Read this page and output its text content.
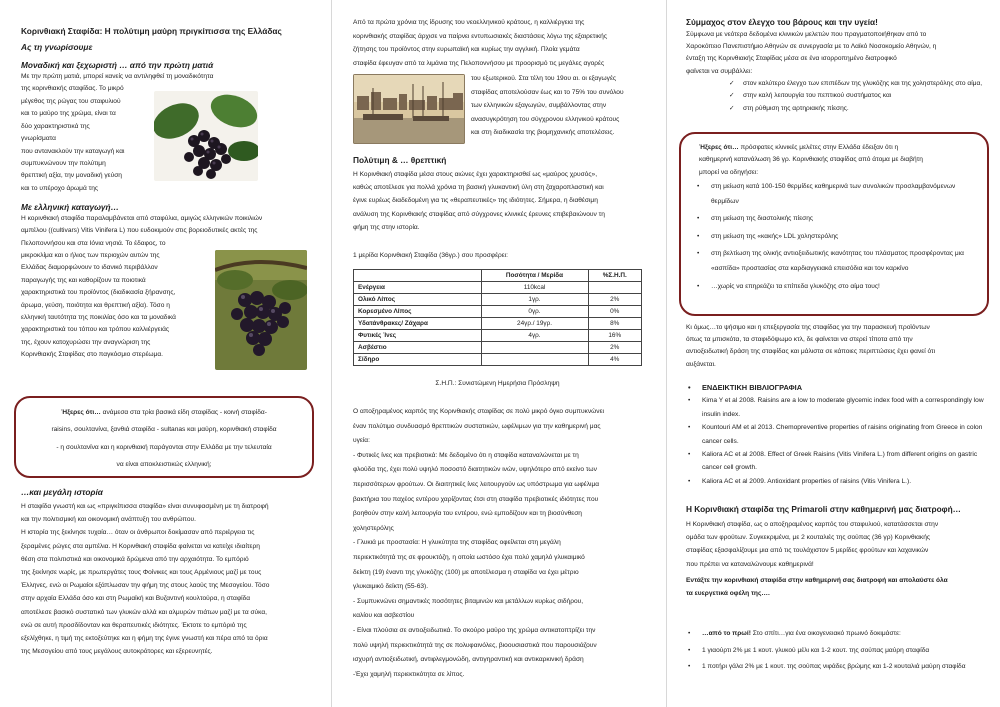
Κορινθιακή Σταφίδα: Η πολύτιμη μαύρη πριγκίπισσα της Ελλάδας
Ας τη γνωρίσουμε
Μοναδική και ξεχωριστή … από την πρώτη ματιά
Με την πρώτη ματιά, μπορεί κανείς να αντιληφθεί τη μοναδικότητα
της κορινθιακής σταφίδας. Το μικρό
μέγεθος της ρώγας του σταφυλιού
και το μαύρο της χρώμα, είναι τα
δύο χαρακτηριστικά της
γνωρίσματα
που αντανακλούν την καταγωγή και
συμπυκνώνουν την πολύτιμη
θρεπτική αξία, την μοναδική γεύση
και το υπέροχο άρωμά της
Με ελληνική καταγωγή…
Η κορινθιακή σταφίδα παραλαμβάνεται από σταφύλια, αμιγώς ελληνικών ποικιλιών
αμπέλου ((cultivars) Vitis Vinifera L) που ευδοκιμούν στις βορειοδυτικές ακτές της
Πελοποννήσου και στα Ιόνια νησιά. Το έδαφος, το
μικροκλίμα και ο ήλιος των περιοχών αυτών της
Ελλάδας διαμορφώνουν το ιδανικό περιβάλλον
παραγωγής της και καθορίζουν τα ποιοτικά
χαρακτηριστικά του προϊόντος (διαδικασία ξήρανσης,
άρωμα, γεύση, ποιότητα και θρεπτική αξία). Τόσο η
ελληνική ταυτότητα της ποικιλίας όσο και τα μοναδικά
χαρακτηριστικά του τόπου και τρόπου καλλιέργειάς
της, έχουν κατοχυρώσει την αναγνώριση της
Κορινθιακής Σταφίδας στο παγκόσμιο στερέωμα.
Ήξερες ότι… ανάμεσα στα τρία βασικά είδη σταφίδας - κοινή σταφίδα-
raisins, σουλτανίνα, ξανθιά σταφίδα - sultanas και μαύρη, κορινθιακή σταφίδα
- η σουλτανίνα και η κορινθιακή παράγονται στην Ελλάδα με την τελευταία
να είναι αποκλειστικώς ελληνική;
…και μεγάλη ιστορία
Η σταφίδα γνωστή και ως «πριγκίπισσα σταφίδα» είναι συνυφασμένη με τη διατροφή
και την πολιτισμική και οικονομική ανάπτυξη του ανθρώπου.
Η ιστορία της ξεκίνησε τυχαία… όταν οι άνθρωποι δοκίμασαν από περιέργεια τις
ξεραμένες ρώγες στα αμπέλια. Η Κορινθιακή σταφίδα φαίνεται να κατείχε ιδιαίτερη
θέση στα πολιτιστικά και οικονομικά δρώμενα από την αρχαιότητα. Το εμπόριό
της ξεκίνησε νωρίς, με πρωτεργάτες τους Φοίνικες και τους Αρμένιους μαζί με τους
Έλληνες, ενώ οι Ρωμαίοι εξάπλωσαν την φήμη της στους λαούς της Μεσογείου. Τόσο
στην αρχαία Ελλάδα όσο και στη Ρωμαϊκή και Βυζαντινή κουλτούρα, η σταφίδα
αποτέλεσε βασικό συστατικό των γλυκών αλλά και αλμυρών πιάτων μαζί με τα σύκα,
ενώ σε αυτή προσδίδονταν και θεραπευτικές ιδιότητες. Έκτοτε το εμπόριό της
εξελίχθηκε, η τιμή της εκτοξεύτηκε και η φήμη της έγινε γνωστή και πέρα από τα όρια
της Μεσογείου από τους μεγάλους αυτοκράτορες και εξερευνητές.
Από τα πρώτα χρόνια της ίδρυσης του νεοελληνικού κράτους, η καλλιέργεια της
κορινθιακής σταφίδας άρχισε να παίρνει εντυπωσιακές διαστάσεις λόγω της εξαιρετικής
ζήτησης του προϊόντος στην ευρωπαϊκή και κυρίως την αγγλική. Πλοία γεμάτα
σταφίδα έφευγαν από τα λιμάνια της Πελοποννήσου με προορισμό τις μεγάλες αγορές
του εξωτερικού. Στα τέλη του 19ου αι. οι εξαγωγές
σταφίδας αποτελούσαν έως και το 75% του συνόλου
των ελληνικών εξαγωγών, συμβάλλοντας στην
ανασυγκρότηση του σύγχρονου ελληνικού κράτους
και στη διαδικασία της βιομηχανικής αποτελέσεις.
Πολύτιμη & … θρεπτική
Η Κορινθιακή σταφίδα μέσα στους αιώνες έχει χαρακτηρισθεί ως «μαύρος χρυσός»,
καθώς αποτέλεσε για πολλά χρόνια τη βασική γλυκαντική ύλη στη ζαχαροπλαστική και
έγινε ευρέως διαδεδομένη για τις «θεραπευτικές» της ιδιότητες. Σήμερα, η διαθέσιμη
ανάλυση της Κορινθιακής σταφίδας από σύγχρονες κλινικές έρευνες επιβεβαιώνουν τη
φήμη της στην ιστορία.
1 μερίδα Κορινθιακή Σταφίδα (36γρ.) σου προσφέρει:
	Ποσότητα / Μερίδα	%Σ.Η.Π.
Ενέργεια	110kcal	
Ολικό Λίπος	1γρ.	2%
Κορεσμένο Λίπος	0γρ.	0%
Υδατάνθρακες/ Ζάχαρα	24γρ./ 19γρ.	8%
Φυτικές Ίνες	4γρ.	16%
Ασβέστιο		2%
Σίδηρο		4%
Σ.Η.Π.: Συνιστώμενη Ημερήσια Πρόσληψη
Ο αποξηραμένος καρπός της Κορινθιακής σταφίδας σε πολύ μικρό όγκο συμπυκνώνει
έναν πολύτιμο συνδυασμό θρεπτικών συστατικών, ωφέλιμων για την καθημερινή μας
υγεία:
- Φυτικές ίνες και πρεβιοτικά: Με δεδομένο ότι η σταφίδα καταναλώνεται με τη
φλούδα της, έχει πολύ υψηλό ποσοστό διαιτητικών ινών, υψηλότερο από εκείνο των
περισσότερων φρούτων. Οι διαιτητικές ίνες λειτουργούν ως υπόστρωμα για ωφέλιμα
βακτήρια του παχέος εντέρου χαρίζοντας έτσι στη σταφίδα πρεβιοτικές ιδιότητες που
βοηθούν στην καλή λειτουργία του εντέρου, ενώ εμποδίζουν και τη βιοσύνθεση
χοληστερόλης
- Γλυκιά με προστασία: Η γλυκύτητα της σταφίδας οφείλεται στη μεγάλη
περιεκτικότητά της σε φρουκτόζη, η οποία ωστόσο έχει πολύ χαμηλό γλυκαιμικό
δείκτη (19) έναντι της γλυκόζης (100) με αποτέλεσμα η σταφίδα να έχει μέτριο
γλυκαιμικό δείκτη (55-63).
- Συμπυκνώνει σημαντικές ποσότητες βιταμινών και μετάλλων κυρίως σιδήρου,
καλίου και ασβεστίου
- Είναι πλούσια σε αντιοξειδωτικά. Το σκούρο μαύρο της χρώμα αντικατοπτρίζει την
πολύ υψηλή περιεκτικότητά της σε πολυφαινόλες, βιοουσιαστικά που παρουσιάζουν
ισχυρή αντιοξειδωτική, αντιφλεγμονώδη, αντιγηραντική και αντικαρκινική δράση
-Έχει χαμηλή περιεκτικότητα σε λίπος.
Σύμμαχος στον έλεγχο του βάρους και την υγεία!
Σύμφωνα με νεότερα δεδομένα κλινικών μελετών που πραγματοποιήθηκαν από το
Χαροκόπειο Πανεπιστήμιο Αθηνών σε συνεργασία με το Λαϊκό Νοσοκομείο Αθηνών, η
ένταξη της Κορινθιακής Σταφίδας μέσα σε ένα ισορροπημένο διατροφικό
φαίνεται να συμβάλλει:
✓ στον καλύτερο έλεγχο των επιπέδων της γλυκόζης και της χοληστερόλης στο αίμα,
✓ στην καλή λειτουργία του πεπτικού συστήματος και
✓ στη ρύθμιση της αρτηριακής πίεσης.
Ήξερες ότι… πρόσφατες κλινικές μελέτες στην Ελλάδα έδειξαν ότι η
καθημερινή κατανάλωση 36 γρ. Κορινθιακής σταφίδας από άτομα με διαβήτη
μπορεί να οδηγήσει:
• στη μείωση κατά 100-150 θερμίδες καθημερινά των συνολικών προσλαμβανόμενων θερμίδων
• στη μείωση της διαστολικής πίεσης
• στη μείωση της «κακής» LDL χοληστερόλης
• στη βελτίωση της ολικής αντιοξειδωτικής ικανότητας του πλάσματος προσφέροντας μια «ασπίδα» προστασίας στα καρδιαγγειακά επεισόδια και τον καρκίνο
• …χωρίς να επηρεάζει τα επίπεδα γλυκόζης στο αίμα τους!
Κι όμως…το ψήσιμο και η επεξεργασία της σταφίδας για την παρασκευή προϊόντων
όπως τα μπισκότα, τα σταφιδόψωμο κτλ, δε φαίνεται να στερεί τίποτα από την
αντιοξειδωτική δράση της σταφίδας και μάλιστα σε κάποιες περιπτώσεις έχει φανεί ότι
αυξάνεται.
• ΕΝΔΕΙΚΤΙΚΗ ΒΙΒΛΙΟΓΡΑΦΙΑ
• Kima Y et al 2008. Raisins are a low to moderate glycemic index food with a correspondingly low insulin index.
• Kountouri AM et al 2013. Chemopreventive properties of raisins originating from Greece in colon cancer cells.
• Kaliora AC et al 2008. Effect of Greek Raisins (Vitis Vinifera L.) from different origins on gastric cancer cell growth.
• Kaliora AC et al 2009. Antioxidant properties of raisins (Vitis Vinifera L.).
Η Κορινθιακή σταφίδα της Primaroli στην καθημερινή μας διατροφή…
Η Κορινθιακή σταφίδα, ως ο αποξηραμένος καρπός του σταφυλιού, κατατάσσεται στην
ομάδα των φρούτων. Συγκεκριμένα, με 2 κουταλιές της σούπας (36 γρ) Κορινθιακής
σταφίδας εξασφαλίζουμε μια από τις τουλάχιστον 5 μερίδες φρούτων και λαχανικών
που πρέπει να καταναλώνουμε καθημερινά!
Εντάξτε την κορινθιακή σταφίδα στην καθημερινή σας διατροφή και απολαύστε όλα
τα ευεργετικά οφέλη της….
• …από το πρωί! Στο σπίτι…για ένα οικογενειακό πρωινό δοκιμάστε:
• 1 γιαούρτι 2% με 1 κουτ. γλυκού μέλι και 1-2 κουτ. της σούπας μαύρη σταφίδα
• 1 ποτήρι γάλα 2% με 1 κουτ. της σούπας νιφάδες βρώμης και 1-2 κουταλιά μαύρη σταφίδα
